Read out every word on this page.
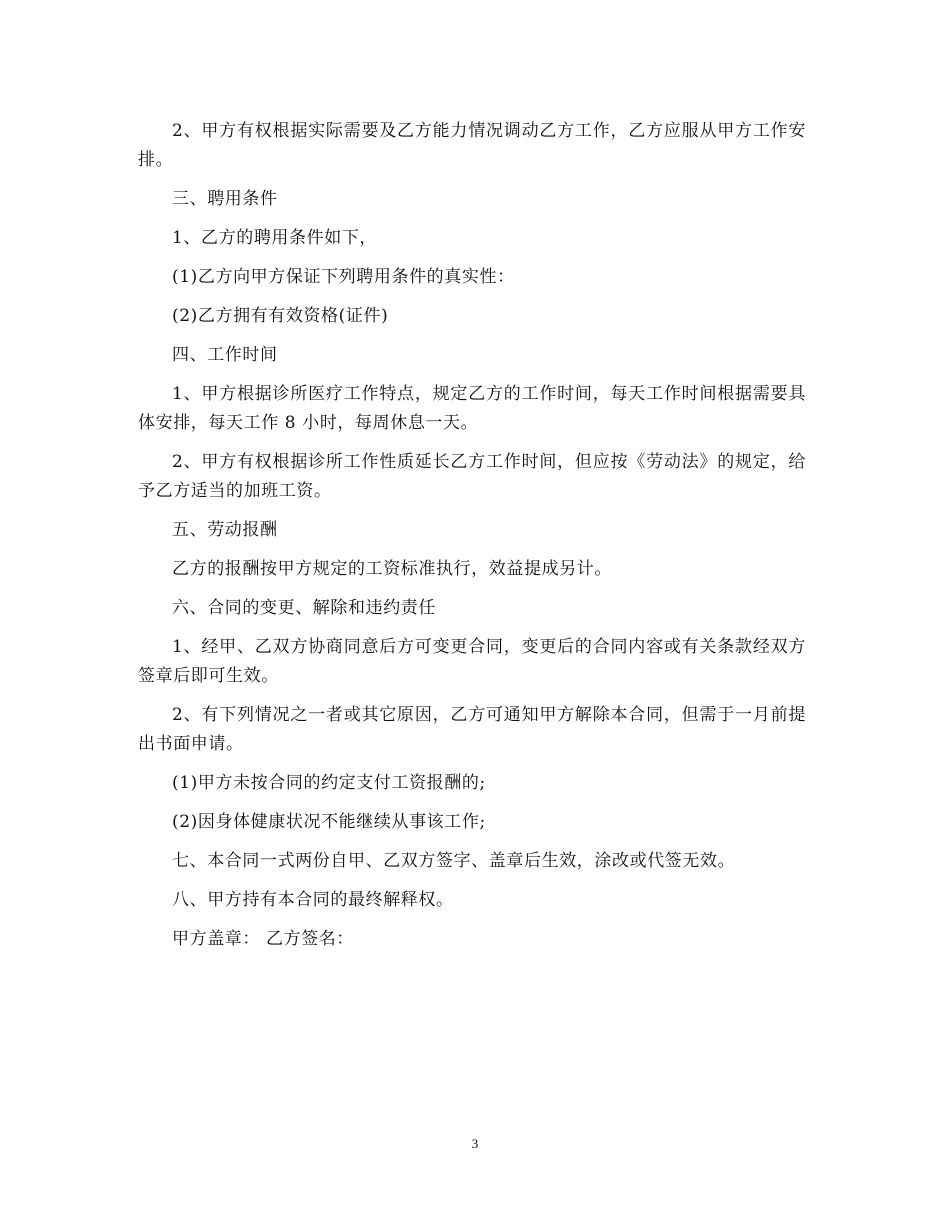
2、甲方有权根据实际需要及乙方能力情况调动乙方工作，乙方应服从甲方工作安排。

三、聘用条件

1、乙方的聘用条件如下，

(1)乙方向甲方保证下列聘用条件的真实性：

(2)乙方拥有有效资格(证件)

四、工作时间

1、甲方根据诊所医疗工作特点，规定乙方的工作时间，每天工作时间根据需要具体安排，每天工作 8 小时，每周休息一天。

2、甲方有权根据诊所工作性质延长乙方工作时间，但应按《劳动法》的规定，给予乙方适当的加班工资。

五、劳动报酬

乙方的报酬按甲方规定的工资标准执行，效益提成另计。

六、合同的变更、解除和违约责任

1、经甲、乙双方协商同意后方可变更合同，变更后的合同内容或有关条款经双方签章后即可生效。

2、有下列情况之一者或其它原因，乙方可通知甲方解除本合同，但需于一月前提出书面申请。

(1)甲方未按合同的约定支付工资报酬的;

(2)因身体健康状况不能继续从事该工作;

七、本合同一式两份自甲、乙双方签字、盖章后生效，涂改或代签无效。

八、甲方持有本合同的最终解释权。

甲方盖章： 乙方签名：

3
